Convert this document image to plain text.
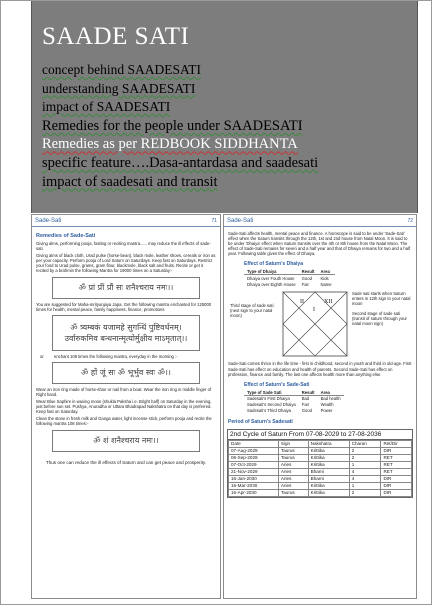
SAADE SATI
concept behind SAADESATI
understanding SAADESATI
impact of SAADESATI
Remedies for the people under SAADESATI
Remedies as per REDBOOK SIDDHANTA
specific feature….Dasa-antardasa and saadesati
impact of saadesati and transit
Sade-Sati	71
Remedies of Sade-Sati
Giving alms, performing pooja, fasting or reciting mantra...... may reduce the ill effects of sade-sati.
Giving alms of black cloth, Urad pulse (horse-bean), black mole, leather shoes, cereals or iron as per your capacity. Perform pooja of Lord Saturn on Saturdays. Keep fast on Saturdays. Restrict your food to Urad pulse, grams, gram flour, blackmole, black salt and fruits. Recite or get it recited by a brahmin the following Mantra for 19000 times on a Saturday:-
ॐ प्रां प्रीं प्रौं सः शनैश्चराय नमः।।
You are suggested for Maha-mrityunjaya Japa. Get the following mantra enchanted for 125000 times for health, mental peace, family happiness, finance, promotions
ॐ त्र्यम्बकं यजामहे सुगन्धिं पुष्टिवर्धनम्।
उर्वारुकमिव बन्धनान्मृत्योर्मुक्षीय माऽमृतात्।।
or	enchant 108 times the following mantra, everyday in the morning :-
ॐ हों जूं सः ॐ भूर्भुव स्वः ॐ।।
Wear an iron ring made of horse-shoe or nail from a boat. Wear the iron ring in middle finger of Right hand.
Wear Blue Saphire in waxing moon (shukla Paksha i.e. Bright half) on Saturday in the evening, just before sun set. Pushya, Anuradha or Uttara Bhadrapad Nakshatra on that day is preferred. Keep fast on Saturday.
Clean the stone in fresh milk and Ganga water, light incense stick, perform pooja and recite the following mantra 108 times:-
ॐ शं शनैश्चराय नमः।।
Thus one can reduce the ill effects of Saturn and can get peace and prosperity.
Sade-Sati	72
Sade-Sati affects health, mental peace and finance. A horoscope is said to be under 'Sade-Sati' effect when the Saturn transits through the 12th, 1st and 2nd house from Natal Moon. It is said to be under 'Dhaiya' effect when Saturn transits over the 4th or 8th house from the Natal Moon. The effect of Sade-Sati remains for seven and a half year and that of Dhaiya remains for two and a half year. Following table gives the effect of Dhaiya.
Effect of Saturn's Dhaiya
Type of Dhaiya	Result	Area
Dhaiya over Fouth House	Good	Kids
Dhaiya over Eighth House	Fair	Name
Third stage of sade sati (next sign to your natal moon)
II
I
XII
Sade sati starts when Saturn enters in 12th sign to your natal moon
Second stage of sade sati (transit of saturn through your natal moon sign)
Sade-Sati comes thrice in the life time - first in childhood, second in youth and third in old-age. First Sade-Sati has effect on education and health of parents. Second Sade-Sati has effect on profession, finance and family. The last one affects health more than anything else.
Effect of Saturn's Sade-Sati
Type of Sade Sati	Result	Area
Sadesati's First Dhaiya	Bad	Bad health
Sadesati's Second Dhaiya	Fair	Wealth
Sadesati's Third Dhaiya	Good	Power
Period of Saturn's Sadesati
2nd Cycle of Saturn From 07-08-2029 to 27-08-2036
Date	Sign	Nakshatra	Charan	Ret/Dir
07-Aug-2029	Taurus	Krittika	2	DIR
06-Sep-2029	Taurus	Krittika	2	RET
07-Oct-2029	Aries	Krittika	1	RET
21-Nov-2029	Aries	Bharni	4	RET
16-Jan-2030	Aries	Bharni	4	DIR
16-Mar-2030	Aries	Krittika	1	DIR
16-Apr-2030	Taurus	Krittika	2	DIR
